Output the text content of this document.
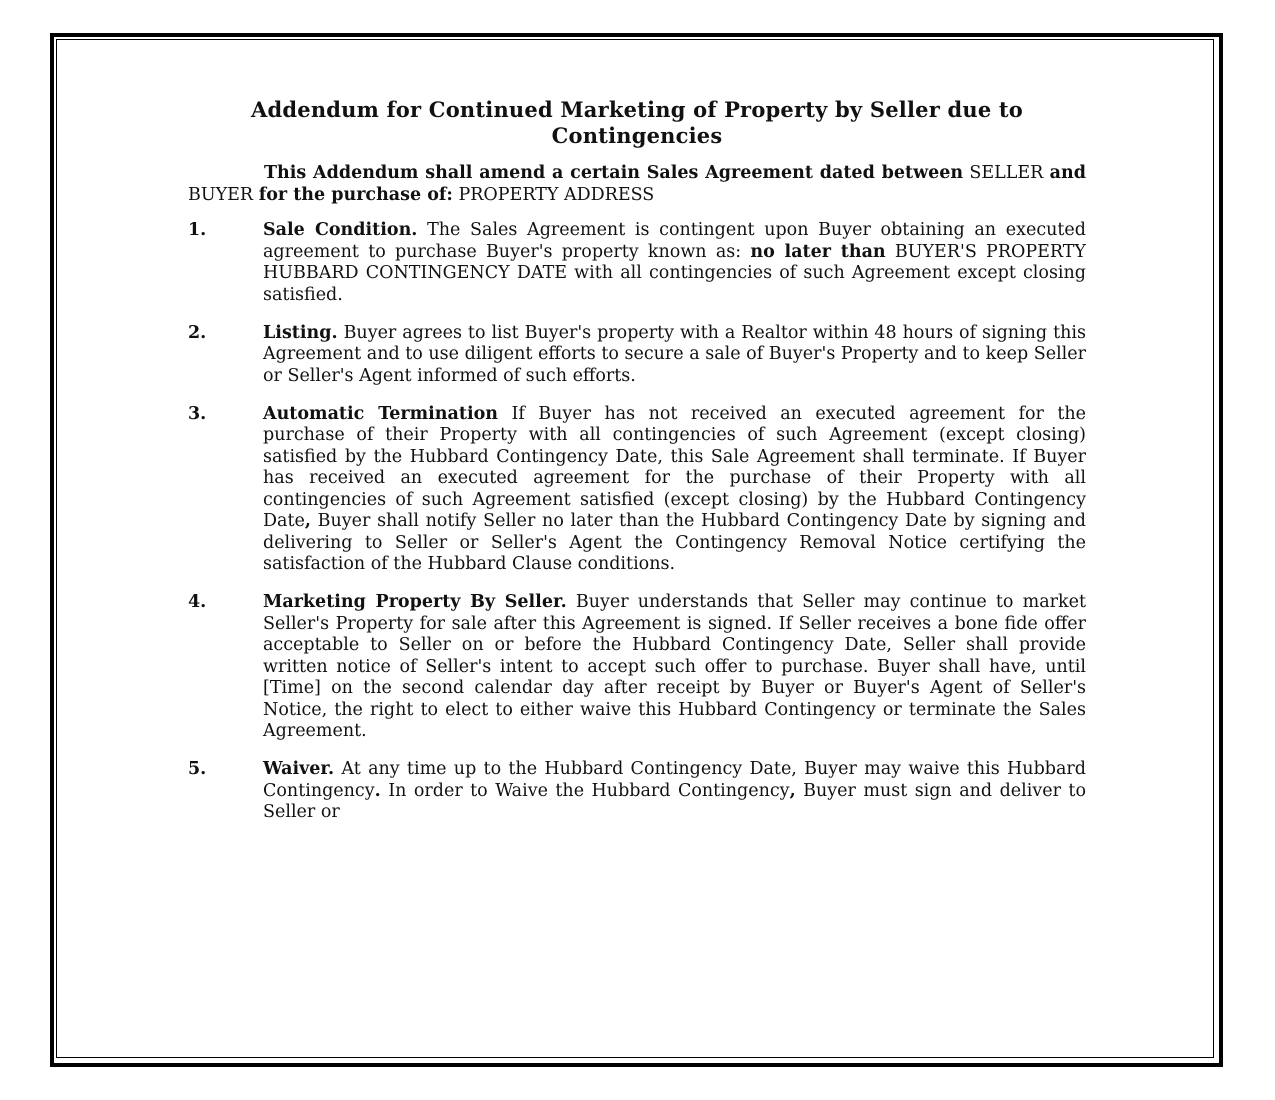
Addendum for Continued Marketing of Property by Seller due to Contingencies

This Addendum shall amend a certain Sales Agreement dated between SELLER and BUYER for the purchase of: PROPERTY ADDRESS

1.	Sale Condition. The Sales Agreement is contingent upon Buyer obtaining an executed agreement to purchase Buyer's property known as: no later than BUYER'S PROPERTY HUBBARD CONTINGENCY DATE with all contingencies of such Agreement except closing satisfied.
2.	Listing. Buyer agrees to list Buyer's property with a Realtor within 48 hours of signing this Agreement and to use diligent efforts to secure a sale of Buyer's Property and to keep Seller or Seller's Agent informed of such efforts.
3.	Automatic Termination If Buyer has not received an executed agreement for the purchase of their Property with all contingencies of such Agreement (except closing) satisfied by the Hubbard Contingency Date, this Sale Agreement shall terminate. If Buyer has received an executed agreement for the purchase of their Property with all contingencies of such Agreement satisfied (except closing) by the Hubbard Contingency Date, Buyer shall notify Seller no later than the Hubbard Contingency Date by signing and delivering to Seller or Seller's Agent the Contingency Removal Notice certifying the satisfaction of the Hubbard Clause conditions.
4.	Marketing Property By Seller. Buyer understands that Seller may continue to market Seller's Property for sale after this Agreement is signed. If Seller receives a bone fide offer acceptable to Seller on or before the Hubbard Contingency Date, Seller shall provide written notice of Seller's intent to accept such offer to purchase. Buyer shall have, until [Time] on the second calendar day after receipt by Buyer or Buyer's Agent of Seller's Notice, the right to elect to either waive this Hubbard Contingency or terminate the Sales Agreement.
5.	Waiver. At any time up to the Hubbard Contingency Date, Buyer may waive this Hubbard Contingency. In order to Waive the Hubbard Contingency, Buyer must sign and deliver to Seller or
